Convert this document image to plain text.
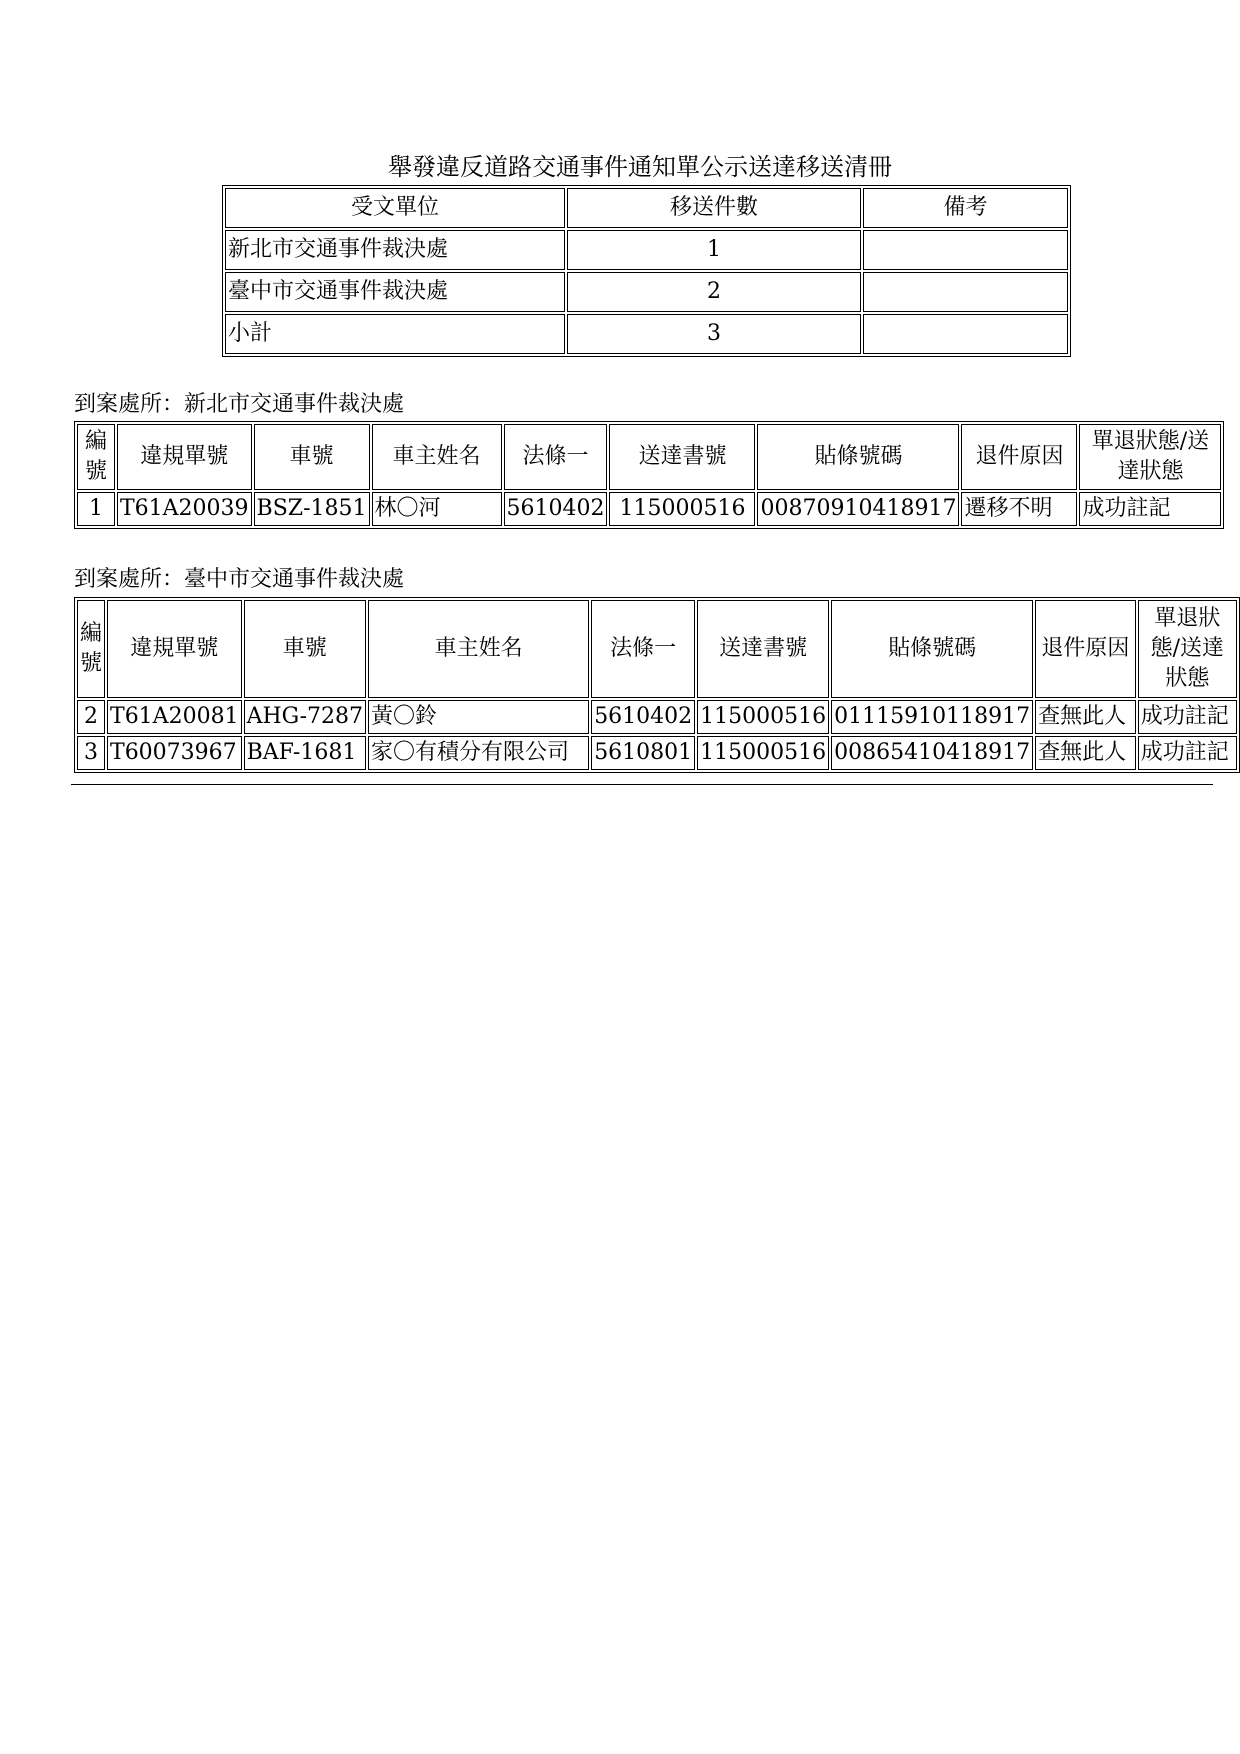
舉發違反道路交通事件通知單公示送達移送清冊
受文單位	移送件數	備考
新北市交通事件裁決處	1	
臺中市交通事件裁決處	2	
小計	3	
到案處所：新北市交通事件裁決處
編號	違規單號	車號	車主姓名	法條一	送達書號	貼條號碼	退件原因	單退狀態/送達狀態
1	T61A20039	BSZ-1851	林〇河	5610402	115000516	00870910418917	遷移不明	成功註記
到案處所：臺中市交通事件裁決處
編號	違規單號	車號	車主姓名	法條一	送達書號	貼條號碼	退件原因	單退狀態/送達狀態
2	T61A20081	AHG-7287	黃〇鈴	5610402	115000516	01115910118917	查無此人	成功註記
3	T60073967	BAF-1681	家〇有積分有限公司	5610801	115000516	00865410418917	查無此人	成功註記
